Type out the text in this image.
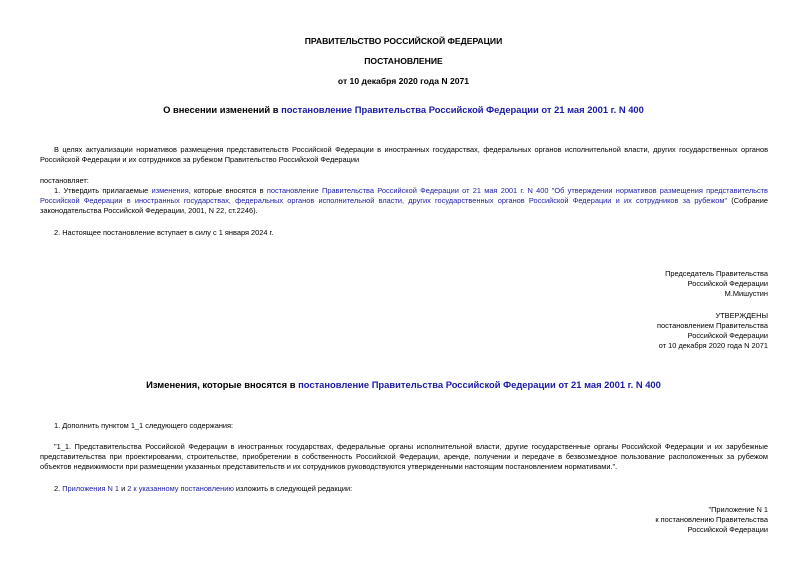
ПРАВИТЕЛЬСТВО РОССИЙСКОЙ ФЕДЕРАЦИИ
ПОСТАНОВЛЕНИЕ
от 10 декабря 2020 года N 2071
О внесении изменений в постановление Правительства Российской Федерации от 21 мая 2001 г. N 400
В целях актуализации нормативов размещения представительств Российской Федерации в иностранных государствах, федеральных органов исполнительной власти, других государственных органов Российской Федерации и их сотрудников за рубежом Правительство Российской Федерации
постановляет:
1. Утвердить прилагаемые изменения, которые вносятся в постановление Правительства Российской Федерации от 21 мая 2001 г. N 400 "Об утверждении нормативов размещения представительств Российской Федерации в иностранных государствах, федеральных органов исполнительной власти, других государственных органов Российской Федерации и их сотрудников за рубежом" (Собрание законодательства Российской Федерации, 2001, N 22, ст.2246).
2. Настоящее постановление вступает в силу с 1 января 2024 г.
Председатель Правительства
Российской Федерации
М.Мишустин
УТВЕРЖДЕНЫ
постановлением Правительства
Российской Федерации
от 10 декабря 2020 года N 2071
Изменения, которые вносятся в постановление Правительства Российской Федерации от 21 мая 2001 г. N 400
1. Дополнить пунктом 1_1 следующего содержания:
"1_1. Представительства Российской Федерации в иностранных государствах, федеральные органы исполнительной власти, другие государственные органы Российской Федерации и их зарубежные представительства при проектировании, строительстве, приобретении в собственность Российской Федерации, аренде, получении и передаче в безвозмездное пользование расположенных за рубежом объектов недвижимости при размещении указанных представительств и их сотрудников руководствуются утвержденными настоящим постановлением нормативами.".
2. Приложения N 1 и 2 к указанному постановлению изложить в следующей редакции:
"Приложение N 1
к постановлению Правительства
Российской Федерации
